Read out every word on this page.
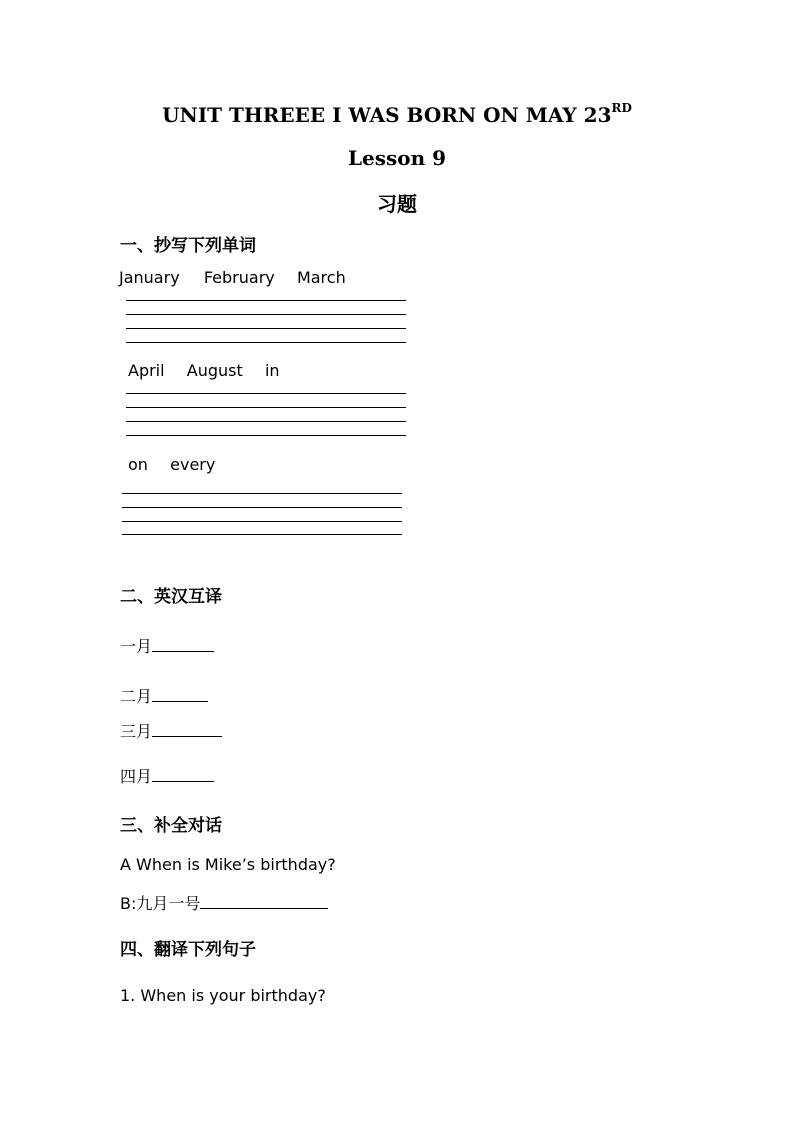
UNIT THREEE I WAS BORN ON MAY 23RD
Lesson 9
习题
一、抄写下列单词
January February March
April August in
on every
二、英汉互译
一月
二月
三月
四月
三、补全对话
A When is Mike’s birthday?
B:九月一号
四、翻译下列句子
1. When is your birthday?
